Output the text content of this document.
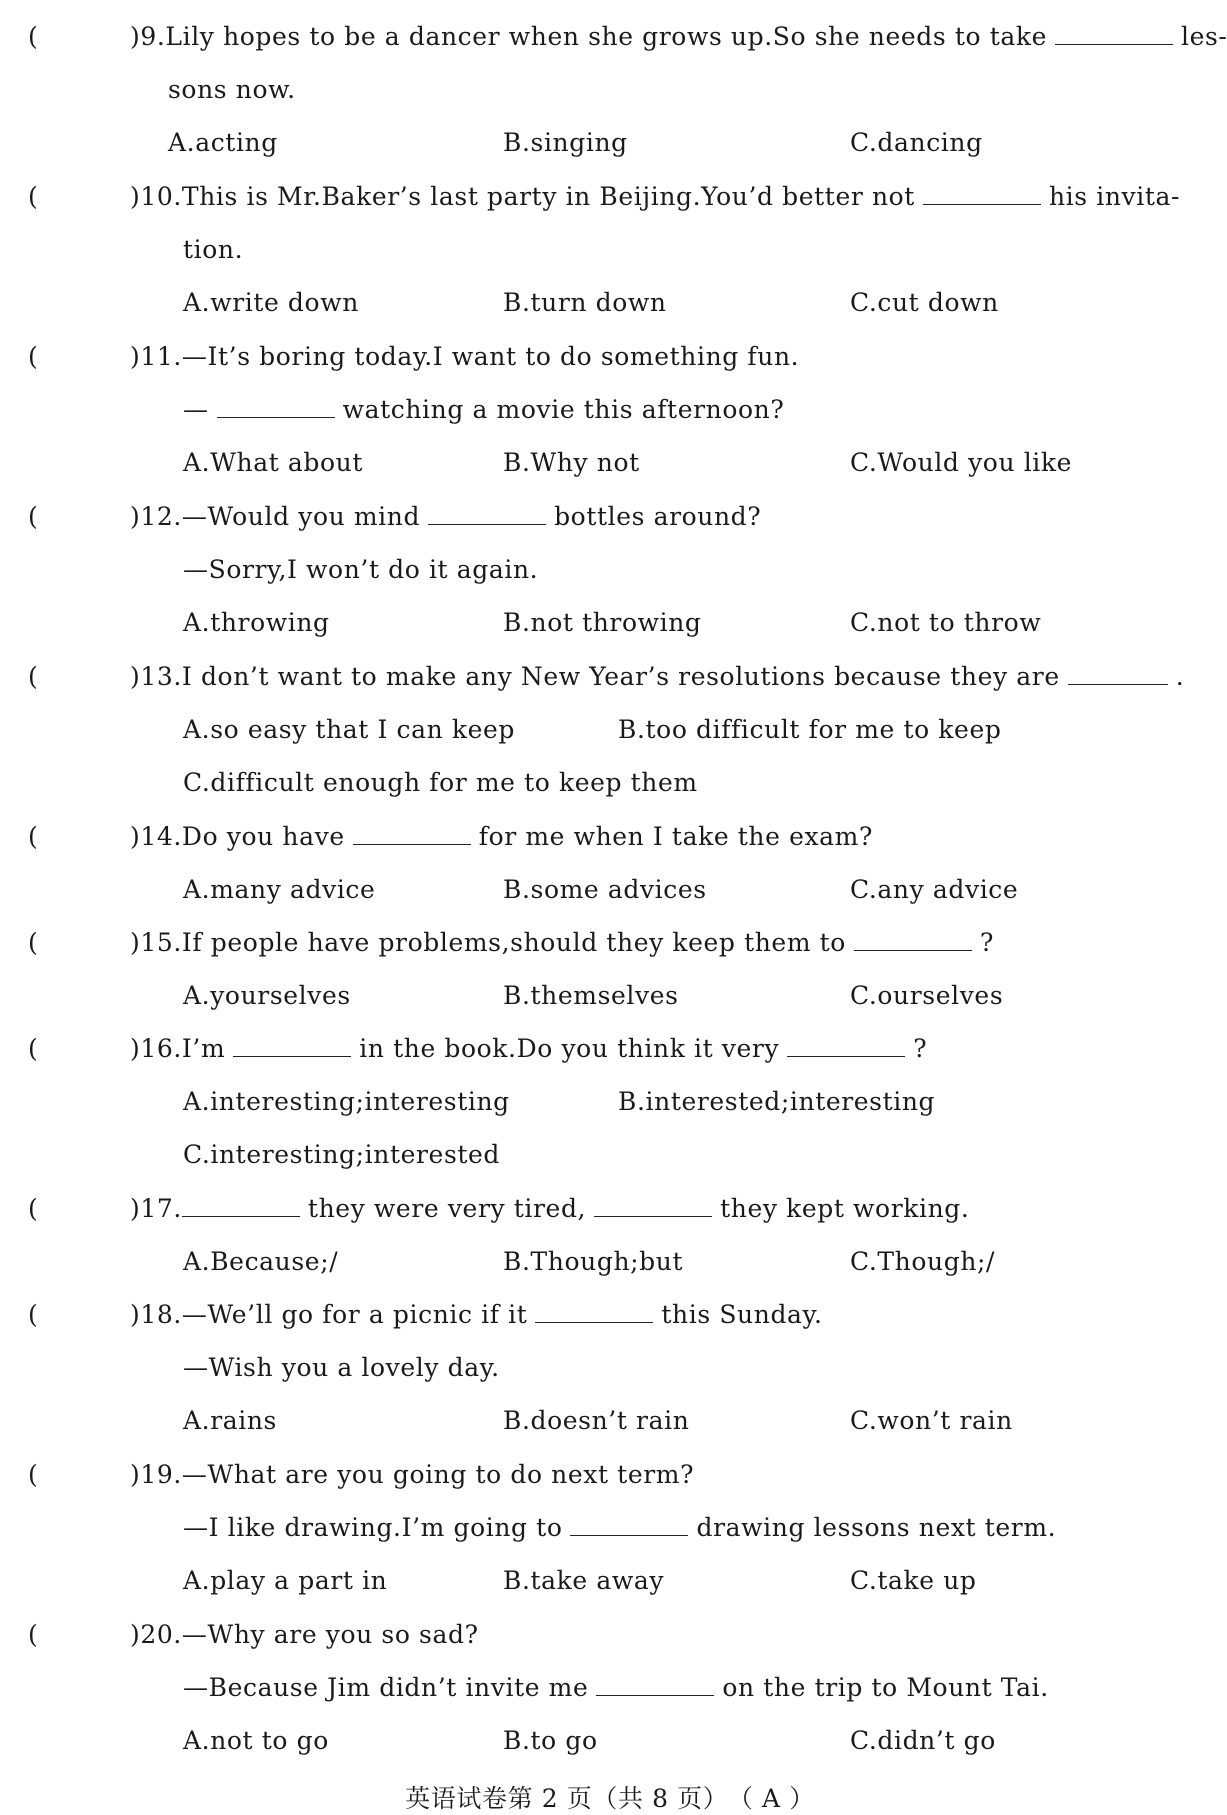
(	)9.Lily hopes to be a dancer when she grows up.So she needs to take	les-
sons now.
A.acting	B.singing	C.dancing
(	)10.This is Mr.Baker’s last party in Beijing.You’d better not	his invita-
tion.
A.write down	B.turn down	C.cut down
(	)11.—It’s boring today.I want to do something fun.
—	watching a movie this afternoon?
A.What about	B.Why not	C.Would you like
(	)12.—Would you mind	bottles around?
—Sorry,I won’t do it again.
A.throwing	B.not throwing	C.not to throw
(	)13.I don’t want to make any New Year’s resolutions because they are	.
A.so easy that I can keep	B.too difficult for me to keep
C.difficult enough for me to keep them
(	)14.Do you have	for me when I take the exam?
A.many advice	B.some advices	C.any advice
(	)15.If people have problems,should they keep them to	?
A.yourselves	B.themselves	C.ourselves
(	)16.I’m	in the book.Do you think it very	?
A.interesting;interesting	B.interested;interesting
C.interesting;interested
(	)17.	they were very tired,	they kept working.
A.Because;/	B.Though;but	C.Though;/
(	)18.—We’ll go for a picnic if it	this Sunday.
—Wish you a lovely day.
A.rains	B.doesn’t rain	C.won’t rain
(	)19.—What are you going to do next term?
—I like drawing.I’m going to	drawing lessons next term.
A.play a part in	B.take away	C.take up
(	)20.—Why are you so sad?
—Because Jim didn’t invite me	on the trip to Mount Tai.
A.not to go	B.to go	C.didn’t go
英语试卷第 2 页（共 8 页） （ A ）
